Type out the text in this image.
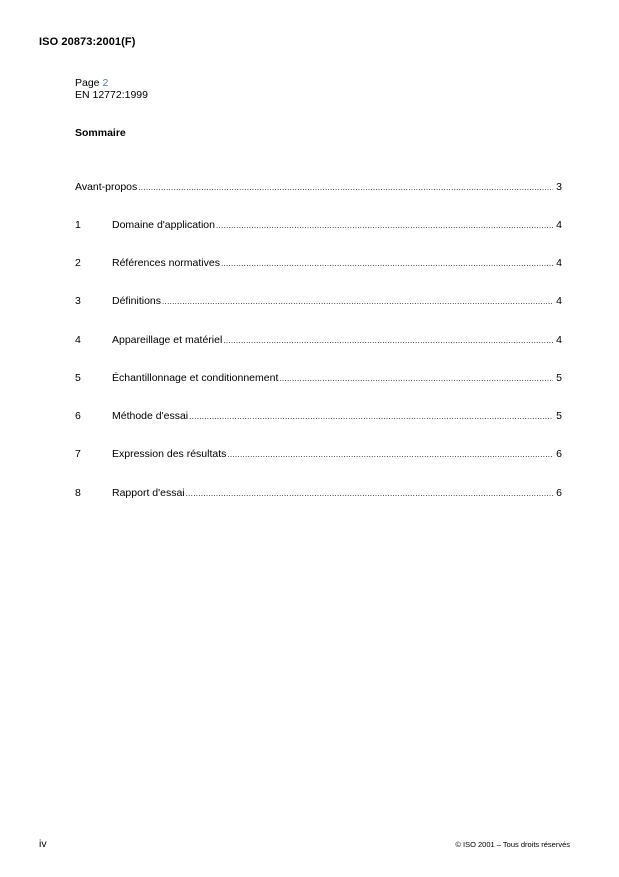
ISO 20873:2001(F)
Page 2
EN 12772:1999
Sommaire
Avant-propos .....	3
1	Domaine d'application .....	4
2	Références normatives .....	4
3	Définitions .....	4
4	Appareillage et matériel .....	4
5	Échantillonnage et conditionnement .....	5
6	Méthode d'essai .....	5
7	Expression des résultats .....	6
8	Rapport d'essai .....	6
iv	© ISO 2001 – Tous droits réservés
